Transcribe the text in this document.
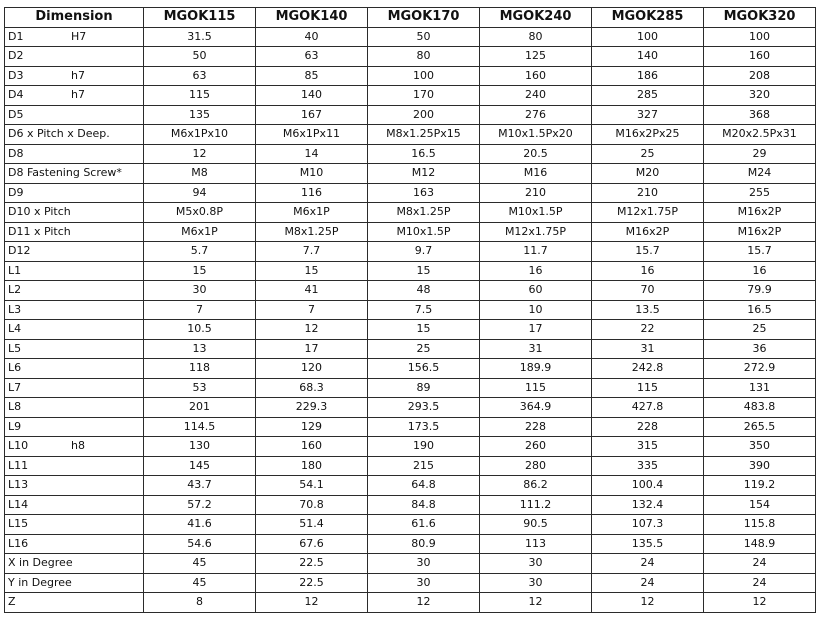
Dimension	MGOK115	MGOK140	MGOK170	MGOK240	MGOK285	MGOK320
D1 H7	31.5	40	50	80	100	100
D2	50	63	80	125	140	160
D3 h7	63	85	100	160	186	208
D4 h7	115	140	170	240	285	320
D5	135	167	200	276	327	368
D6 x Pitch x Deep.	M6x1Px10	M6x1Px11	M8x1.25Px15	M10x1.5Px20	M16x2Px25	M20x2.5Px31
D8	12	14	16.5	20.5	25	29
D8 Fastening Screw*	M8	M10	M12	M16	M20	M24
D9	94	116	163	210	210	255
D10 x Pitch	M5x0.8P	M6x1P	M8x1.25P	M10x1.5P	M12x1.75P	M16x2P
D11 x Pitch	M6x1P	M8x1.25P	M10x1.5P	M12x1.75P	M16x2P	M16x2P
D12	5.7	7.7	9.7	11.7	15.7	15.7
L1	15	15	15	16	16	16
L2	30	41	48	60	70	79.9
L3	7	7	7.5	10	13.5	16.5
L4	10.5	12	15	17	22	25
L5	13	17	25	31	31	36
L6	118	120	156.5	189.9	242.8	272.9
L7	53	68.3	89	115	115	131
L8	201	229.3	293.5	364.9	427.8	483.8
L9	114.5	129	173.5	228	228	265.5
L10 h8	130	160	190	260	315	350
L11	145	180	215	280	335	390
L13	43.7	54.1	64.8	86.2	100.4	119.2
L14	57.2	70.8	84.8	111.2	132.4	154
L15	41.6	51.4	61.6	90.5	107.3	115.8
L16	54.6	67.6	80.9	113	135.5	148.9
X in Degree	45	22.5	30	30	24	24
Y in Degree	45	22.5	30	30	24	24
Z	8	12	12	12	12	12
